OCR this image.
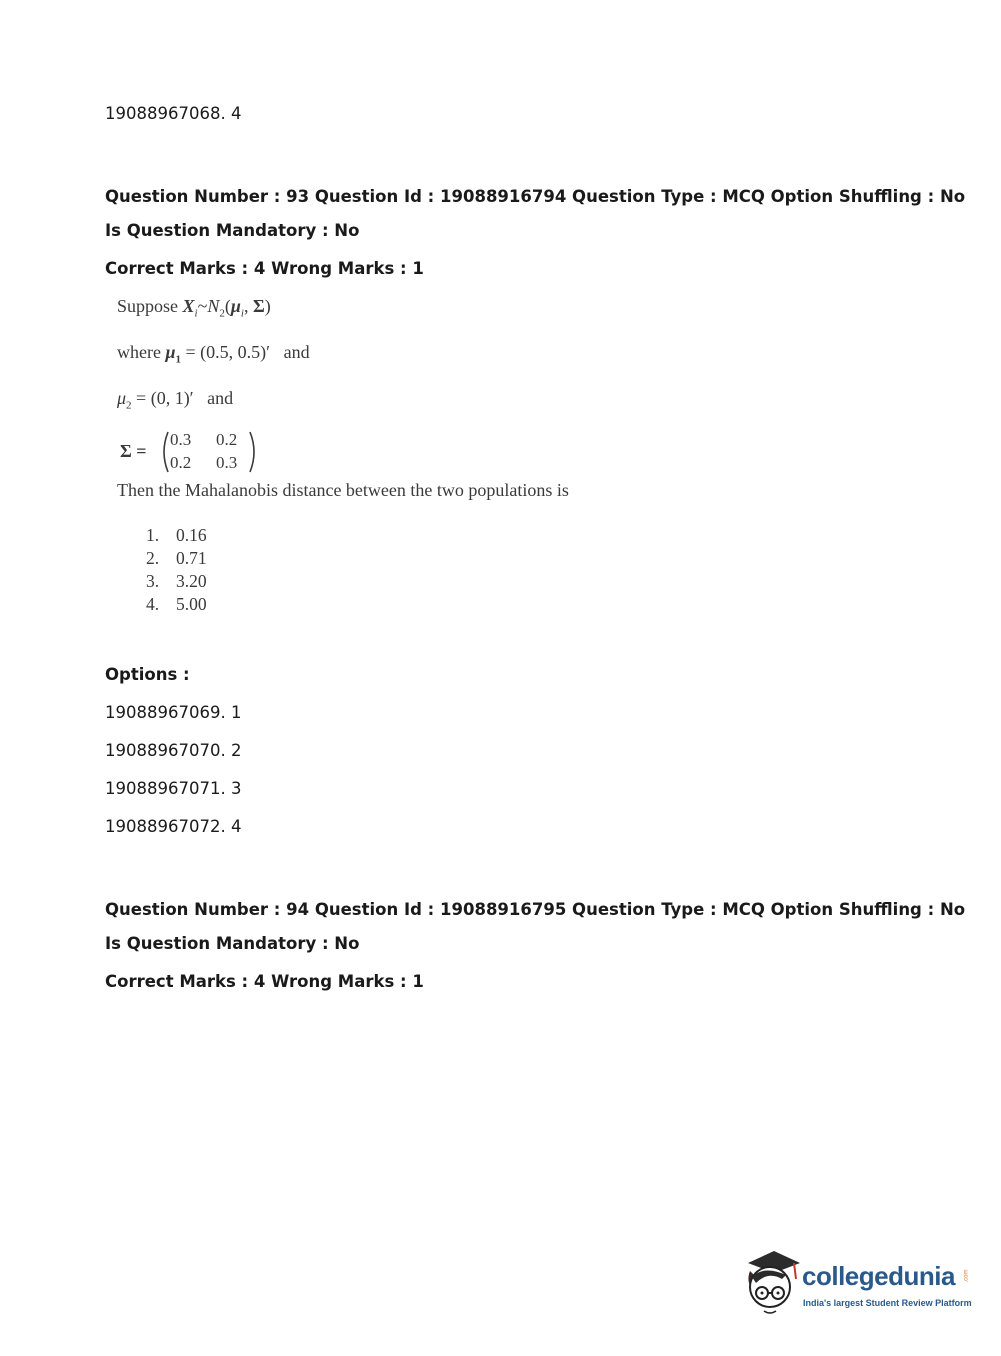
19088967068. 4
Question Number : 93 Question Id : 19088916794 Question Type : MCQ Option Shuffling : No
Is Question Mandatory : No
Correct Marks : 4 Wrong Marks : 1
Suppose $X_i\sim N_2(\mu_i$, Σ)
where $\mu_1 = (0.5$, 0.5)′ and
$\mu_2 = (0$, 1)′ and
Σ =
0.3 0.2
0.2 0.3
Then the Mahalanobis distance between the two populations is
1. 0.16
2. 0.71
3. 3.20
4. 5.00
Options :
19088967069. 1
19088967070. 2
19088967071. 3
19088967072. 4
Question Number : 94 Question Id : 19088916795 Question Type : MCQ Option Shuffling : No
Is Question Mandatory : No
Correct Marks : 4 Wrong Marks : 1
collegedunia .com
India's largest Student Review Platform
